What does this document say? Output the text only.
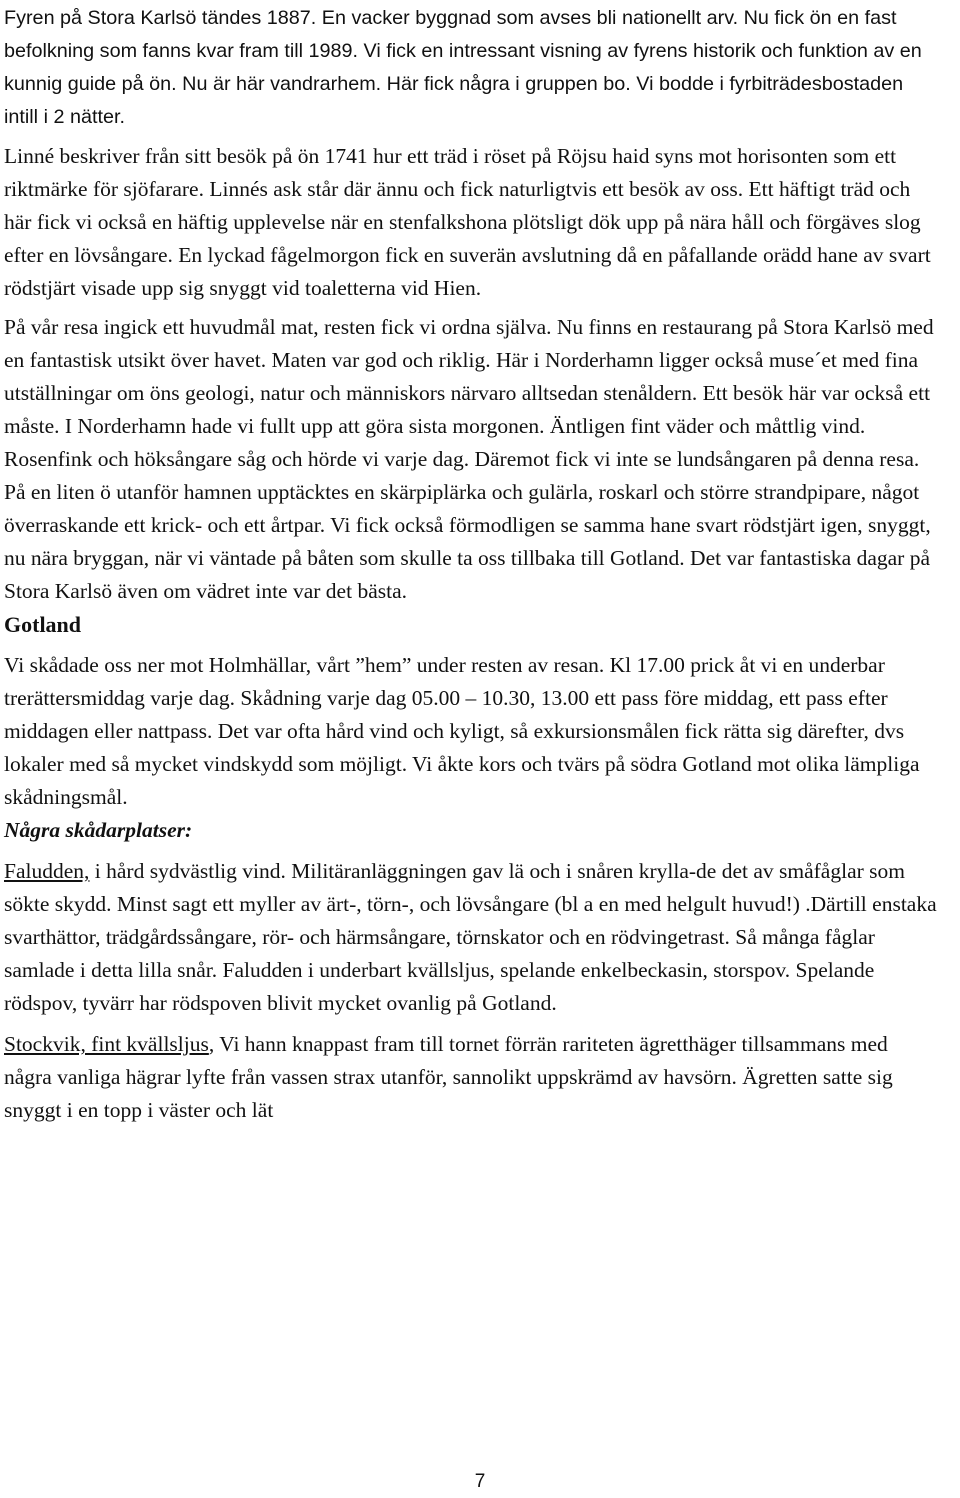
Fyren på Stora Karlsö tändes 1887. En vacker byggnad som avses bli nationellt arv. Nu fick ön en fast befolkning som fanns kvar fram till 1989. Vi fick en intressant visning av fyrens historik och funktion av en kunnig guide på ön. Nu är här vandrarhem. Här fick några i gruppen bo. Vi bodde i fyrbiträdesbostaden intill i 2 nätter.

Linné beskriver från sitt besök på ön 1741 hur ett träd i röset på Röjsu haid syns mot horisonten som ett riktmärke för sjöfarare. Linnés ask står där ännu och fick naturligtvis ett besök av oss. Ett häftigt träd och här fick vi också en häftig upplevelse när en stenfalkshona plötsligt dök upp på nära håll och förgäves slog efter en lövsångare. En lyckad fågelmorgon fick en suverän avslutning då en påfallande orädd hane av svart rödstjärt visade upp sig snyggt vid toaletterna vid Hien.

På vår resa ingick ett huvudmål mat, resten fick vi ordna själva. Nu finns en restaurang på Stora Karlsö med en fantastisk utsikt över havet. Maten var god och riklig. Här i Norderhamn ligger också muse´et med fina utställningar om öns geologi, natur och människors närvaro alltsedan stenåldern. Ett besök här var också ett måste. I Norderhamn hade vi fullt upp att göra sista morgonen. Äntligen fint väder och måttlig vind. Rosenfink och höksångare såg och hörde vi varje dag. Däremot fick vi inte se lundsångaren på denna resa. På en liten ö utanför hamnen upptäcktes en skärpiplärka och gulärla, roskarl och större strandpipare, något överraskande ett krick- och ett årtpar. Vi fick också förmodligen se samma hane svart rödstjärt igen, snyggt, nu nära bryggan, när vi väntade på båten som skulle ta oss tillbaka till Gotland. Det var fantastiska dagar på Stora Karlsö även om vädret inte var det bästa.

Gotland

Vi skådade oss ner mot Holmhällar, vårt ”hem” under resten av resan. Kl 17.00 prick åt vi en underbar trerättersmiddag varje dag. Skådning varje dag 05.00 – 10.30, 13.00 ett pass före middag, ett pass efter middagen eller nattpass. Det var ofta hård vind och kyligt, så exkursionsmålen fick rätta sig därefter, dvs lokaler med så mycket vindskydd som möjligt. Vi åkte kors och tvärs på södra Gotland mot olika lämpliga skådningsmål.

Några skådarplatser:

Faludden, i hård sydvästlig vind. Militäranläggningen gav lä och i snåren krylla-de det av småfåglar som sökte skydd. Minst sagt ett myller av ärt-, törn-, och lövsångare (bl a en med helgult huvud!) .Därtill enstaka svarthättor, trädgårdssångare, rör- och härmsångare, törnskator och en rödvingetrast. Så många fåglar samlade i detta lilla snår. Faludden i underbart kvällsljus, spelande enkelbeckasin, storspov. Spelande rödspov, tyvärr har rödspoven blivit mycket ovanlig på Gotland.

Stockvik, fint kvällsljus, Vi hann knappast fram till tornet förrän rariteten ägretthäger tillsammans med några vanliga hägrar lyfte från vassen strax utanför, sannolikt uppskrämd av havsörn. Ägretten satte sig snyggt i en topp i väster och lät

7
